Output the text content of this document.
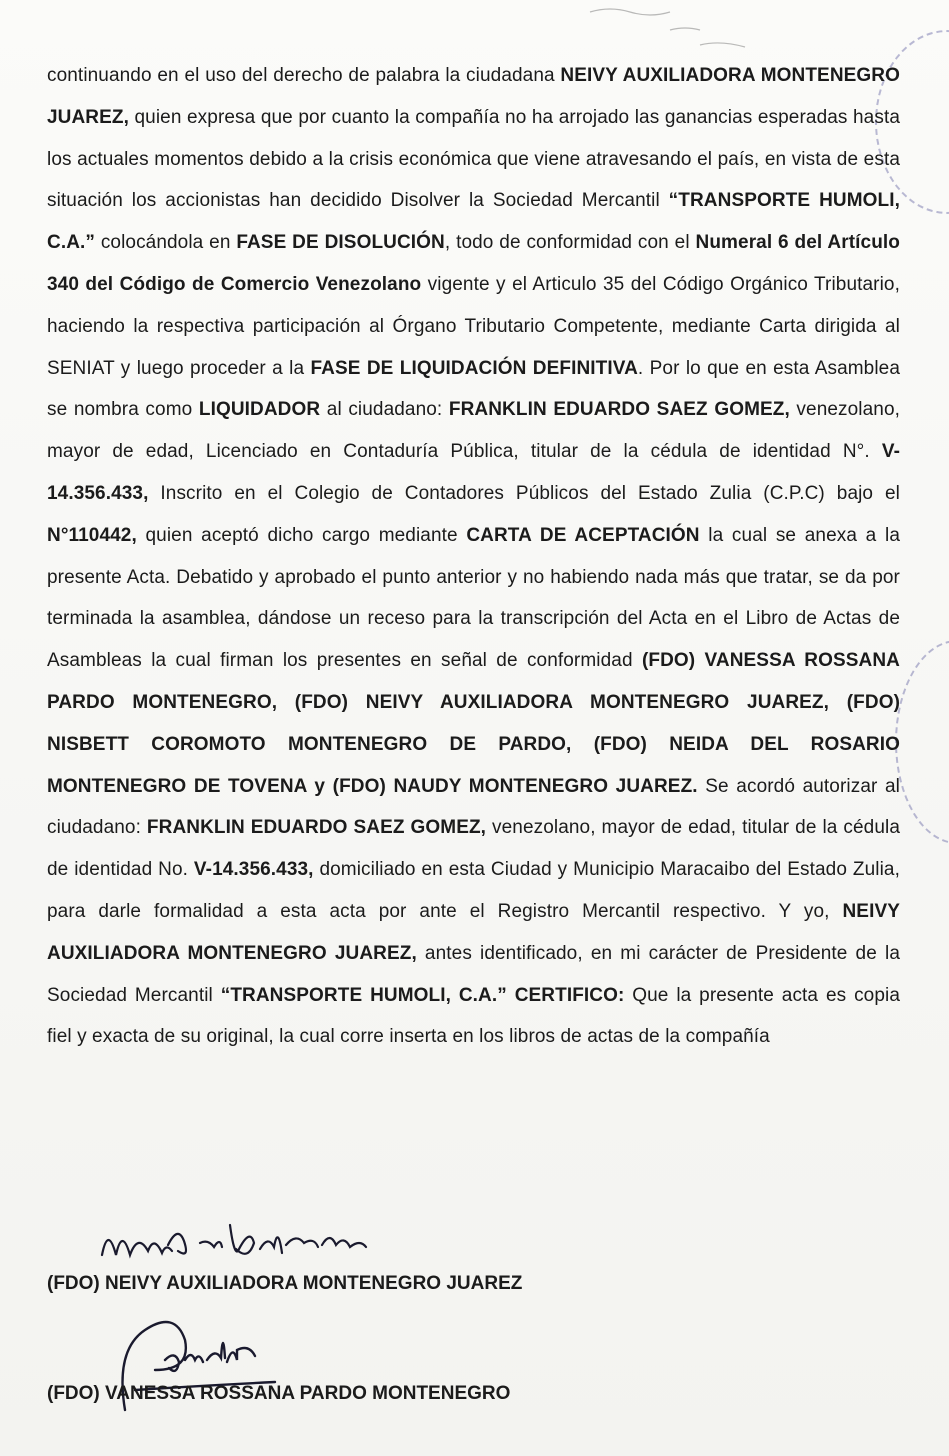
continuando en el uso del derecho de palabra la ciudadana NEIVY AUXILIADORA MONTENEGRO JUAREZ, quien expresa que por cuanto la compañía no ha arrojado las ganancias esperadas hasta los actuales momentos debido a la crisis económica que viene atravesando el país, en vista de esta situación los accionistas han decidido Disolver la Sociedad Mercantil “TRANSPORTE HUMOLI, C.A.” colocándola en FASE DE DISOLUCIÓN, todo de conformidad con el Numeral 6 del Artículo 340 del Código de Comercio Venezolano vigente y el Articulo 35 del Código Orgánico Tributario, haciendo la respectiva participación al Órgano Tributario Competente, mediante Carta dirigida al SENIAT y luego proceder a la FASE DE LIQUIDACIÓN DEFINITIVA. Por lo que en esta Asamblea se nombra como LIQUIDADOR al ciudadano: FRANKLIN EDUARDO SAEZ GOMEZ, venezolano, mayor de edad, Licenciado en Contaduría Pública, titular de la cédula de identidad N°. V-14.356.433, Inscrito en el Colegio de Contadores Públicos del Estado Zulia (C.P.C) bajo el N°110442, quien aceptó dicho cargo mediante CARTA DE ACEPTACIÓN la cual se anexa a la presente Acta. Debatido y aprobado el punto anterior y no habiendo nada más que tratar, se da por terminada la asamblea, dándose un receso para la transcripción del Acta en el Libro de Actas de Asambleas la cual firman los presentes en señal de conformidad (FDO) VANESSA ROSSANA PARDO MONTENEGRO, (FDO) NEIVY AUXILIADORA MONTENEGRO JUAREZ, (FDO) NISBETT COROMOTO MONTENEGRO DE PARDO, (FDO) NEIDA DEL ROSARIO MONTENEGRO DE TOVENA y (FDO) NAUDY MONTENEGRO JUAREZ. Se acordó autorizar al ciudadano: FRANKLIN EDUARDO SAEZ GOMEZ, venezolano, mayor de edad, titular de la cédula de identidad No. V-14.356.433, domiciliado en esta Ciudad y Municipio Maracaibo del Estado Zulia, para darle formalidad a esta acta por ante el Registro Mercantil respectivo. Y yo, NEIVY AUXILIADORA MONTENEGRO JUAREZ, antes identificado, en mi carácter de Presidente de la Sociedad Mercantil “TRANSPORTE HUMOLI, C.A.” CERTIFICO: Que la presente acta es copia fiel y exacta de su original, la cual corre inserta en los libros de actas de la compañía
(FDO) NEIVY AUXILIADORA MONTENEGRO JUAREZ
(FDO) VANESSA ROSSANA PARDO MONTENEGRO
